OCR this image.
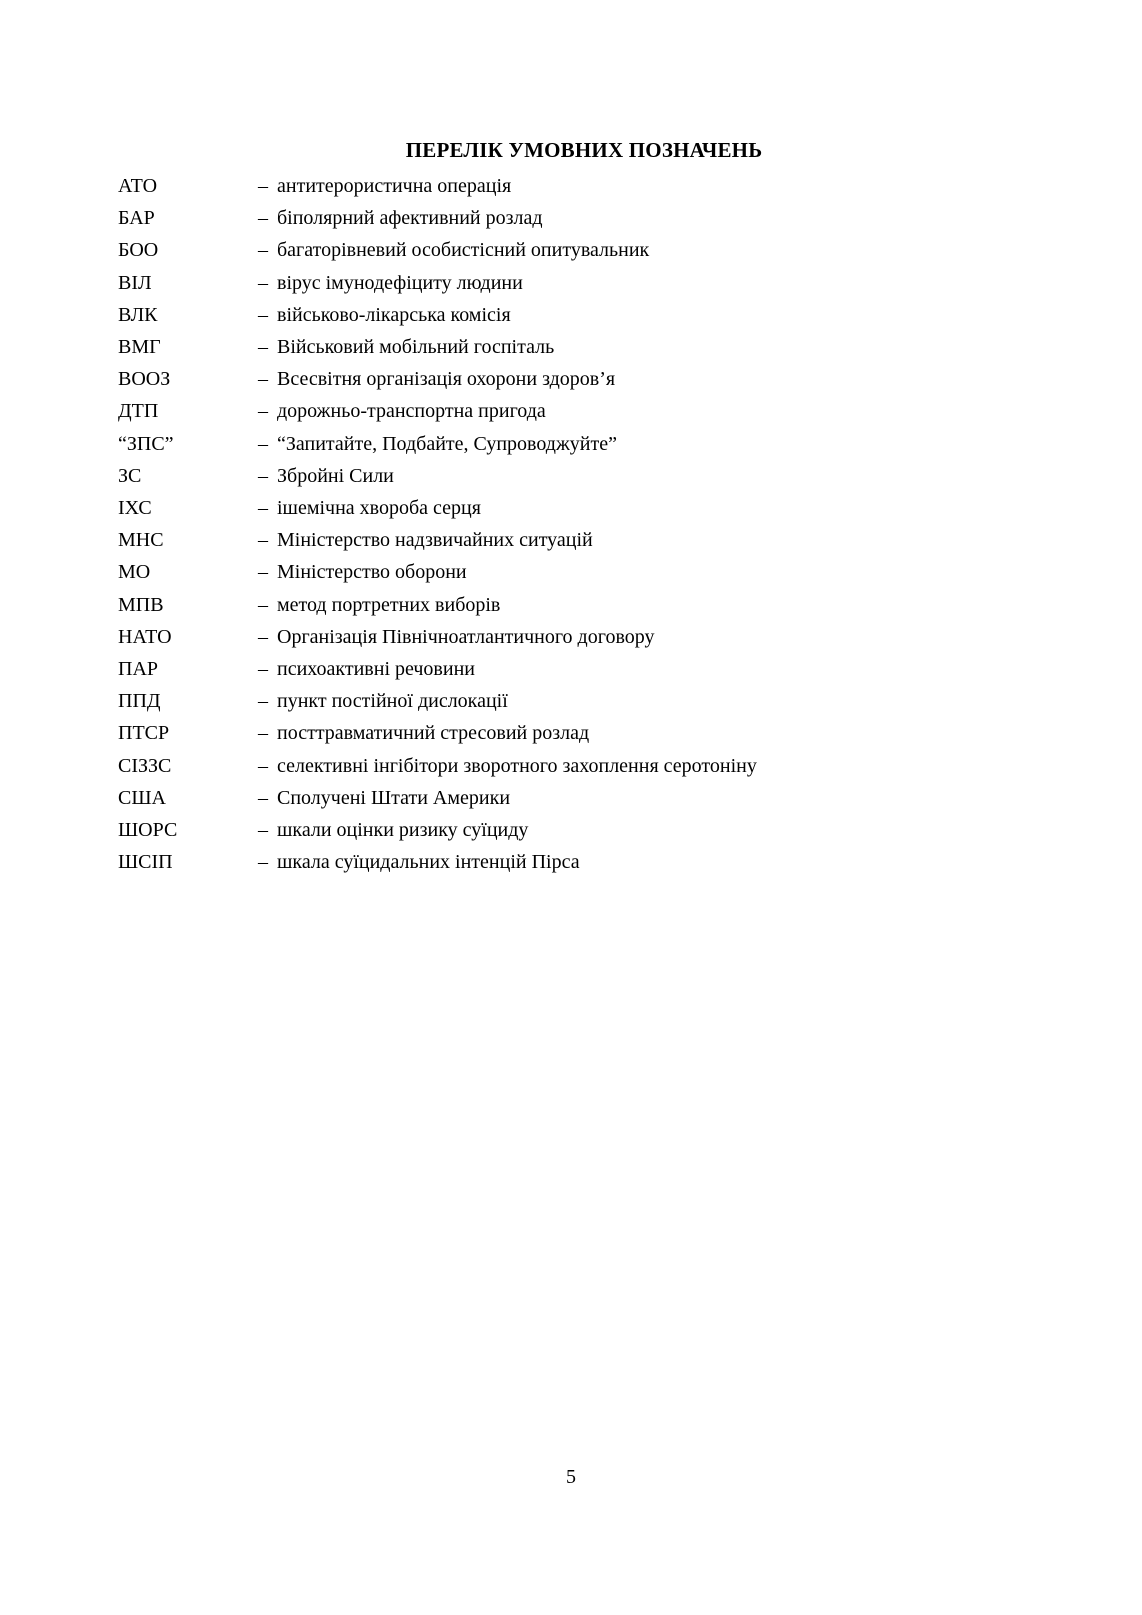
ПЕРЕЛІК УМОВНИХ ПОЗНАЧЕНЬ
АТО	– антитерористична операція
БАР	– біполярний афективний розлад
БОО	– багаторівневий особистісний опитувальник
ВІЛ	– вірус імунодефіциту людини
ВЛК	– військово-лікарська комісія
ВМГ	– Військовий мобільний госпіталь
ВООЗ	– Всесвітня організація охорони здоров’я
ДТП	– дорожньо-транспортна пригода
“ЗПС”	– “Запитайте, Подбайте, Супроводжуйте”
ЗС	– Збройні Сили
ІХС	– ішемічна хвороба серця
МНС	– Міністерство надзвичайних ситуацій
МО	– Міністерство оборони
МПВ	– метод портретних виборів
НАТО	– Організація Північноатлантичного договору
ПАР	– психоактивні речовини
ППД	– пункт постійної дислокації
ПТСР	– посттравматичний стресовий розлад
СІЗЗС	– селективні інгібітори зворотного захоплення серотоніну
США	– Сполучені Штати Америки
ШОРС	– шкали оцінки ризику суїциду
ШСІП	– шкала суїцидальних інтенцій Пірса
5
